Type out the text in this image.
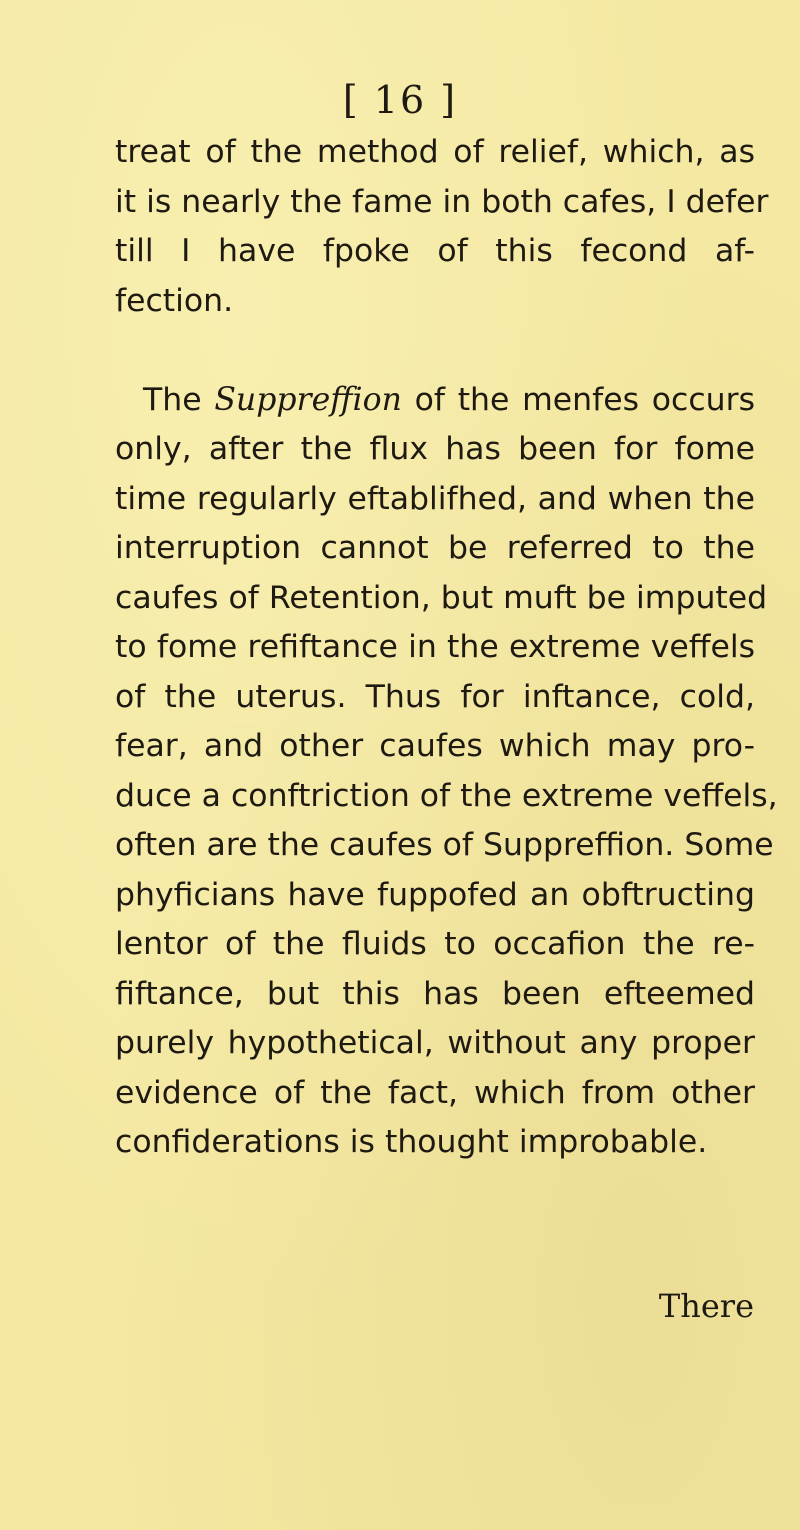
[ 16 ]
treat of the method of relief, which, as
it is nearly the fame in both cafes, I defer
till I have fpoke of this fecond af-
fection.
The Suppreffion of the menfes occurs
only, after the flux has been for fome
time regularly eftablifhed, and when the
interruption cannot be referred to the
caufes of Retention, but muft be imputed
to fome refiftance in the extreme veffels
of the uterus. Thus for inftance, cold,
fear, and other caufes which may pro-
duce a conftriction of the extreme veffels,
often are the caufes of Suppreffion. Some
phyficians have fuppofed an obftructing
lentor of the fluids to occafion the re-
fiftance, but this has been efteemed
purely hypothetical, without any proper
evidence of the fact, which from other
confiderations is thought improbable.
There
